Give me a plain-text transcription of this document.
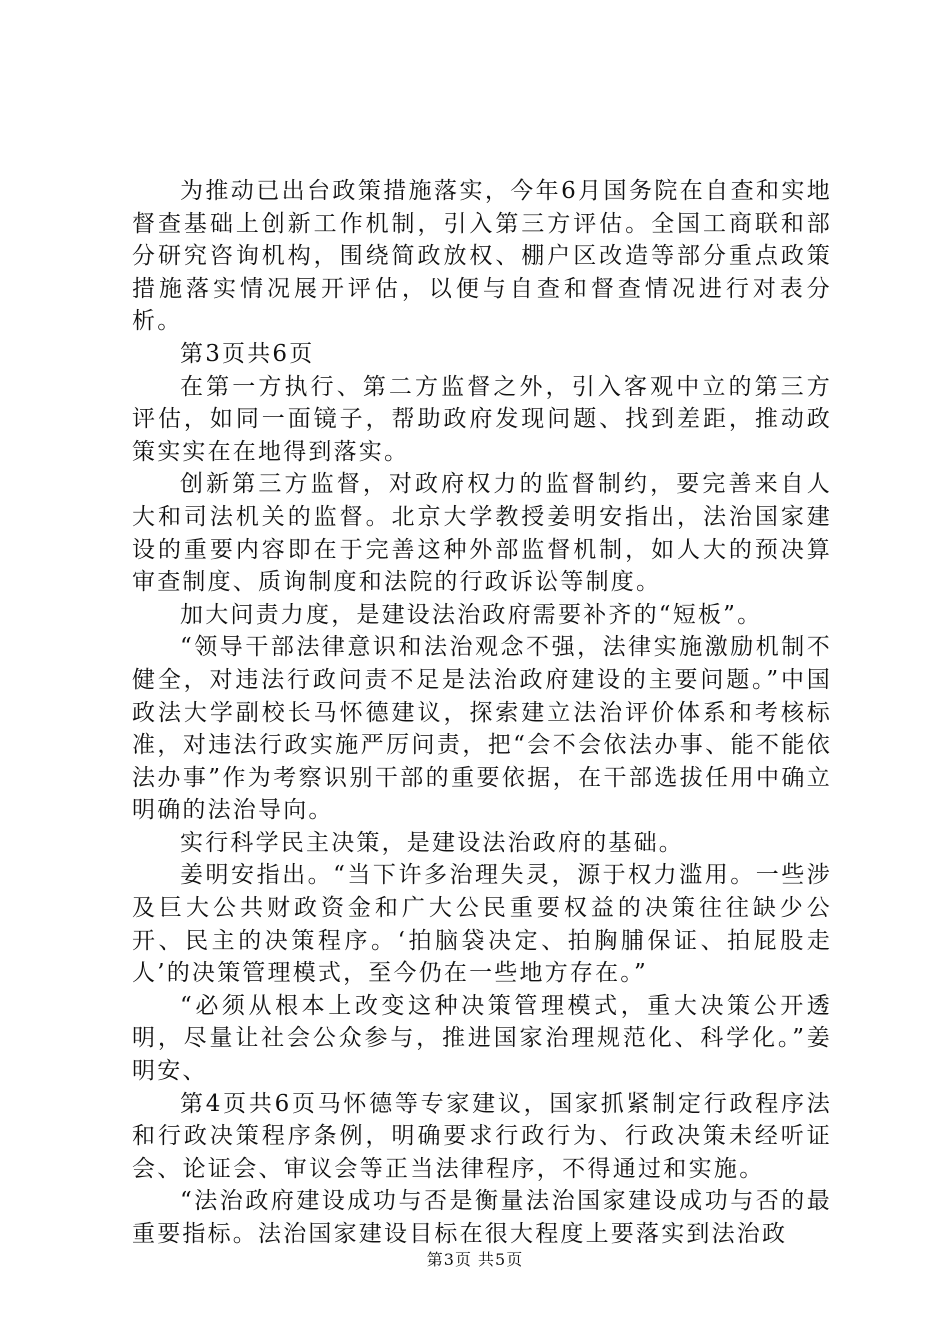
为推动已出台政策措施落实，今年6月国务院在自查和实地督查基础上创新工作机制，引入第三方评估。全国工商联和部分研究咨询机构，围绕简政放权、棚户区改造等部分重点政策措施落实情况展开评估，以便与自查和督查情况进行对表分析。

第3页共6页

在第一方执行、第二方监督之外，引入客观中立的第三方评估，如同一面镜子，帮助政府发现问题、找到差距，推动政策实实在在地得到落实。

创新第三方监督，对政府权力的监督制约，要完善来自人大和司法机关的监督。北京大学教授姜明安指出，法治国家建设的重要内容即在于完善这种外部监督机制，如人大的预决算审查制度、质询制度和法院的行政诉讼等制度。

加大问责力度，是建设法治政府需要补齐的“短板”。

“领导干部法律意识和法治观念不强，法律实施激励机制不健全，对违法行政问责不足是法治政府建设的主要问题。”中国政法大学副校长马怀德建议，探索建立法治评价体系和考核标准，对违法行政实施严厉问责，把“会不会依法办事、能不能依法办事”作为考察识别干部的重要依据，在干部选拔任用中确立明确的法治导向。

实行科学民主决策，是建设法治政府的基础。

姜明安指出。“当下许多治理失灵，源于权力滥用。一些涉及巨大公共财政资金和广大公民重要权益的决策往往缺少公开、民主的决策程序。‘拍脑袋决定、拍胸脯保证、拍屁股走人’的决策管理模式，至今仍在一些地方存在。”

“必须从根本上改变这种决策管理模式，重大决策公开透明，尽量让社会公众参与，推进国家治理规范化、科学化。”姜明安、

第4页共6页马怀德等专家建议，国家抓紧制定行政程序法和行政决策程序条例，明确要求行政行为、行政决策未经听证会、论证会、审议会等正当法律程序，不得通过和实施。

“法治政府建设成功与否是衡量法治国家建设成功与否的最重要指标。法治国家建设目标在很大程度上要落实到法治政

第3页 共5页
